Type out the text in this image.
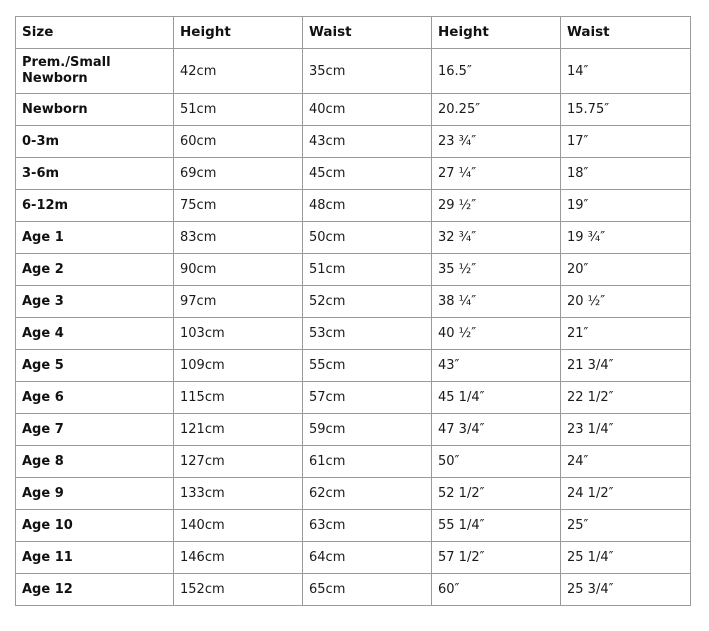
Size	Height	Waist	Height	Waist
Prem./Small Newborn	42cm	35cm	16.5″	14″
Newborn	51cm	40cm	20.25″	15.75″
0-3m	60cm	43cm	23 ¾″	17″
3-6m	69cm	45cm	27 ¼″	18″
6-12m	75cm	48cm	29 ½″	19″
Age 1	83cm	50cm	32 ¾″	19 ¾″
Age 2	90cm	51cm	35 ½″	20″
Age 3	97cm	52cm	38 ¼″	20 ½″
Age 4	103cm	53cm	40 ½″	21″
Age 5	109cm	55cm	43″	21 3/4″
Age 6	115cm	57cm	45 1/4″	22 1/2″
Age 7	121cm	59cm	47 3/4″	23 1/4″
Age 8	127cm	61cm	50″	24″
Age 9	133cm	62cm	52 1/2″	24 1/2″
Age 10	140cm	63cm	55 1/4″	25″
Age 11	146cm	64cm	57 1/2″	25 1/4″
Age 12	152cm	65cm	60″	25 3/4″
